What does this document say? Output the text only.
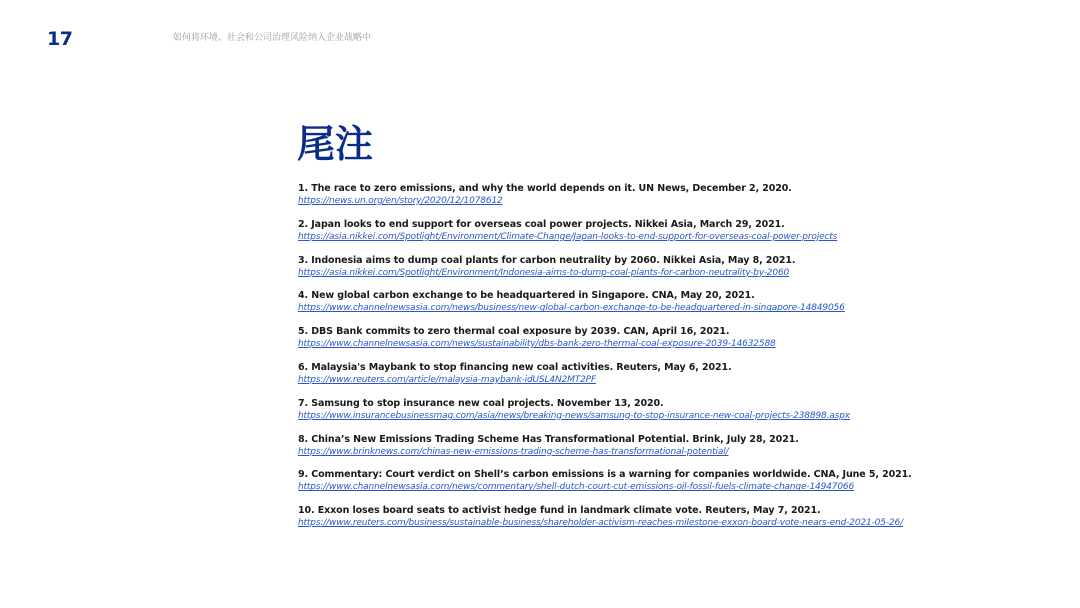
17	如何将环境、社会和公司治理风险纳入企业战略中
尾注
1. The race to zero emissions, and why the world depends on it. UN News, December 2, 2020.
https://news.un.org/en/story/2020/12/1078612
2. Japan looks to end support for overseas coal power projects. Nikkei Asia, March 29, 2021.
https://asia.nikkei.com/Spotlight/Environment/Climate-Change/Japan-looks-to-end-support-for-overseas-coal-power-projects
3. Indonesia aims to dump coal plants for carbon neutrality by 2060. Nikkei Asia, May 8, 2021.
https://asia.nikkei.com/Spotlight/Environment/Indonesia-aims-to-dump-coal-plants-for-carbon-neutrality-by-2060
4. New global carbon exchange to be headquartered in Singapore. CNA, May 20, 2021.
https://www.channelnewsasia.com/news/business/new-global-carbon-exchange-to-be-headquartered-in-singapore-14849056
5. DBS Bank commits to zero thermal coal exposure by 2039. CAN, April 16, 2021.
https://www.channelnewsasia.com/news/sustainability/dbs-bank-zero-thermal-coal-exposure-2039-14632588
6. Malaysia's Maybank to stop financing new coal activities. Reuters, May 6, 2021.
https://www.reuters.com/article/malaysia-maybank-idUSL4N2MT2PF
7. Samsung to stop insurance new coal projects. November 13, 2020.
https://www.insurancebusinessmag.com/asia/news/breaking-news/samsung-to-stop-insurance-new-coal-projects-238898.aspx
8. China’s New Emissions Trading Scheme Has Transformational Potential. Brink, July 28, 2021.
https://www.brinknews.com/chinas-new-emissions-trading-scheme-has-transformational-potential/
9. Commentary: Court verdict on Shell’s carbon emissions is a warning for companies worldwide. CNA, June 5, 2021.
https://www.channelnewsasia.com/news/commentary/shell-dutch-court-cut-emissions-oil-fossil-fuels-climate-change-14947066
10. Exxon loses board seats to activist hedge fund in landmark climate vote. Reuters, May 7, 2021.
https://www.reuters.com/business/sustainable-business/shareholder-activism-reaches-milestone-exxon-board-vote-nears-end-2021-05-26/
